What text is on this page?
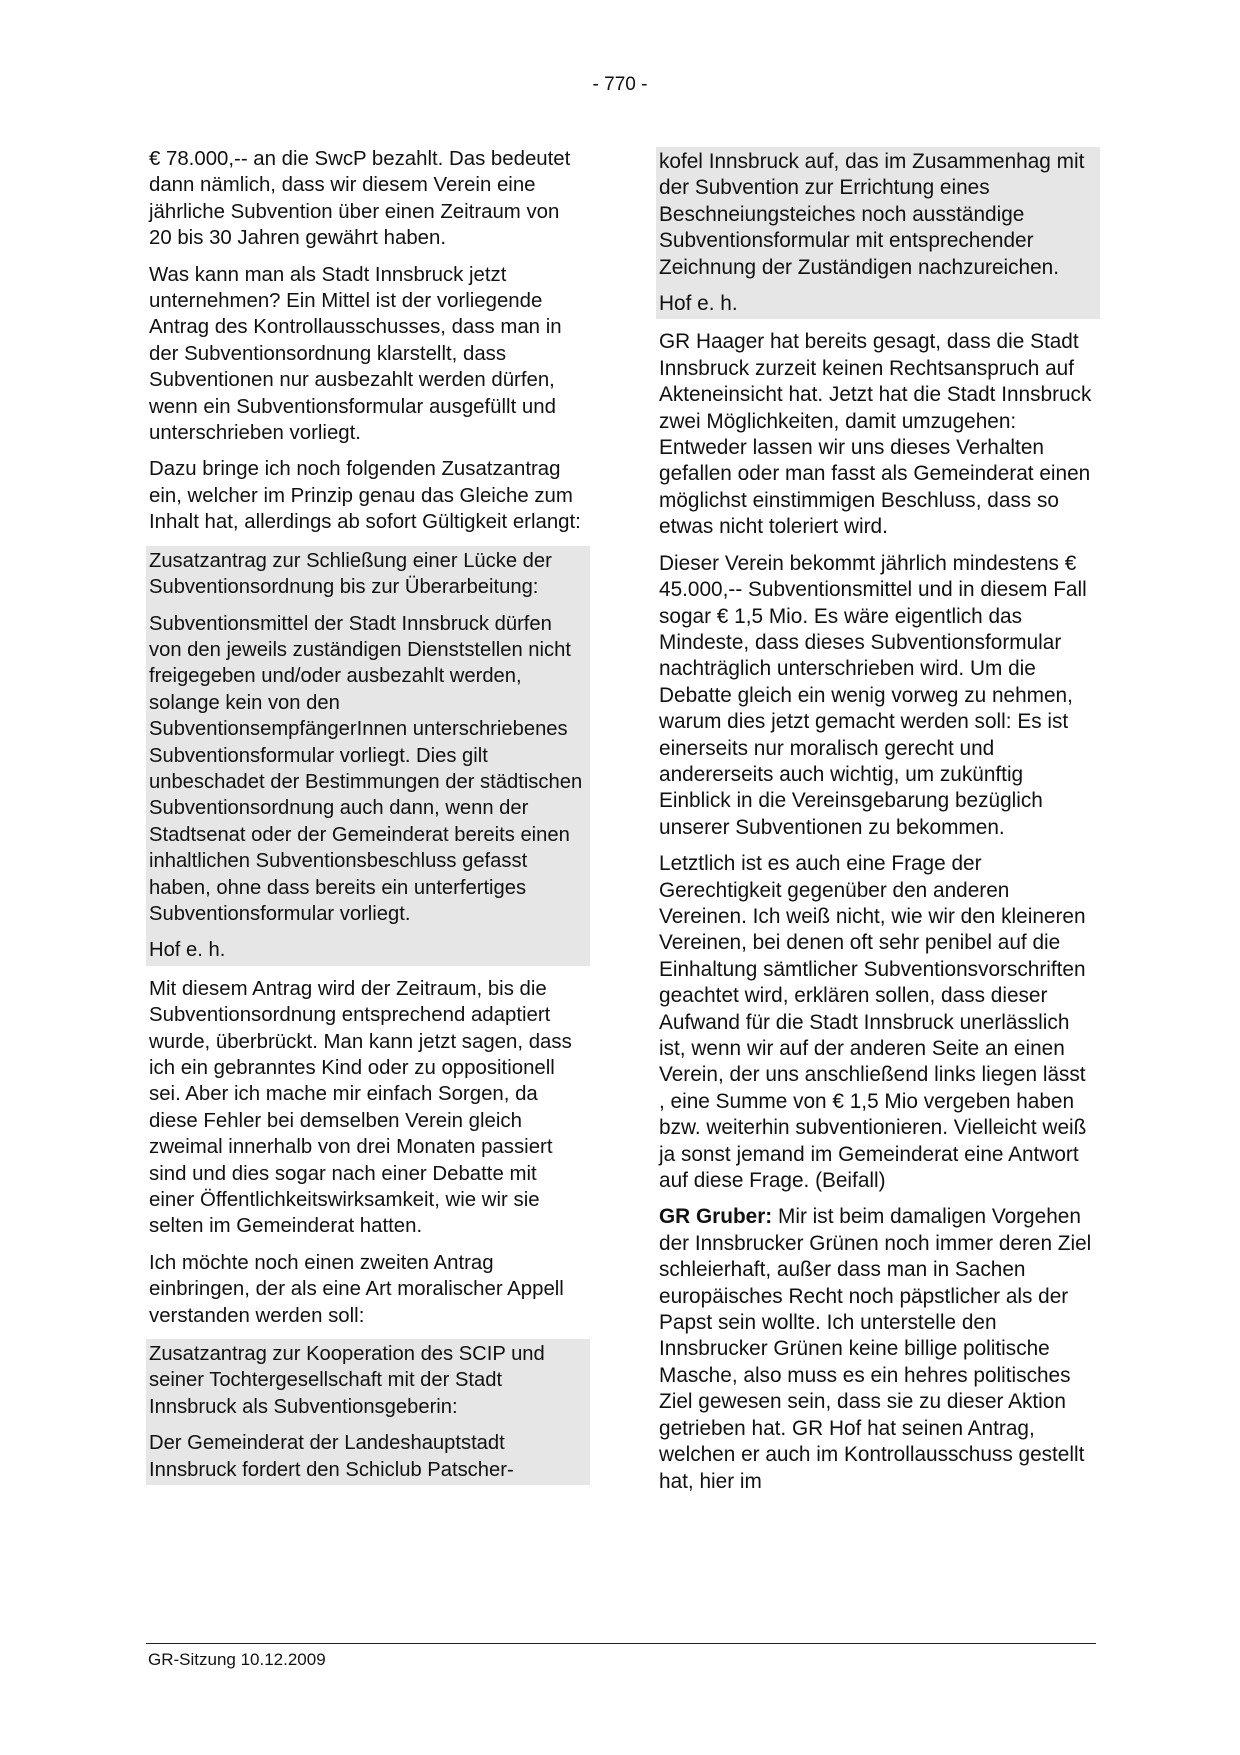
- 770 -

€ 78.000,-- an die SwcP bezahlt. Das bedeutet dann nämlich, dass wir diesem Verein eine jährliche Subvention über einen Zeitraum von 20 bis 30 Jahren gewährt haben.

Was kann man als Stadt Innsbruck jetzt unternehmen? Ein Mittel ist der vorliegende Antrag des Kontrollausschusses, dass man in der Subventionsordnung klarstellt, dass Subventionen nur ausbezahlt werden dürfen, wenn ein Subventionsformular ausgefüllt und unterschrieben vorliegt.

Dazu bringe ich noch folgenden Zusatzantrag ein, welcher im Prinzip genau das Gleiche zum Inhalt hat, allerdings ab sofort Gültigkeit erlangt:

Zusatzantrag zur Schließung einer Lücke der Subventionsordnung bis zur Überarbeitung:

Subventionsmittel der Stadt Innsbruck dürfen von den jeweils zuständigen Dienststellen nicht freigegeben und/oder ausbezahlt werden, solange kein von den SubventionsempfängerInnen unterschriebenes Subventionsformular vorliegt. Dies gilt unbeschadet der Bestimmungen der städtischen Subventionsordnung auch dann, wenn der Stadtsenat oder der Gemeinderat bereits einen inhaltlichen Subventionsbeschluss gefasst haben, ohne dass bereits ein unterfertiges Subventionsformular vorliegt.

Hof e. h.

Mit diesem Antrag wird der Zeitraum, bis die Subventionsordnung entsprechend adaptiert wurde, überbrückt. Man kann jetzt sagen, dass ich ein gebranntes Kind oder zu oppositionell sei. Aber ich mache mir einfach Sorgen, da diese Fehler bei demselben Verein gleich zweimal innerhalb von drei Monaten passiert sind und dies sogar nach einer Debatte mit einer Öffentlichkeitswirksamkeit, wie wir sie selten im Gemeinderat hatten.

Ich möchte noch einen zweiten Antrag einbringen, der als eine Art moralischer Appell verstanden werden soll:

Zusatzantrag zur Kooperation des SCIP und seiner Tochtergesellschaft mit der Stadt Innsbruck als Subventionsgeberin:

Der Gemeinderat der Landeshauptstadt Innsbruck fordert den Schiclub Patscher-

kofel Innsbruck auf, das im Zusammenhag mit der Subvention zur Errichtung eines Beschneiungsteiches noch ausständige Subventionsformular mit entsprechender Zeichnung der Zuständigen nachzureichen.

Hof e. h.

GR Haager hat bereits gesagt, dass die Stadt Innsbruck zurzeit keinen Rechtsanspruch auf Akteneinsicht hat. Jetzt hat die Stadt Innsbruck zwei Möglichkeiten, damit umzugehen: Entweder lassen wir uns dieses Verhalten gefallen oder man fasst als Gemeinderat einen möglichst einstimmigen Beschluss, dass so etwas nicht toleriert wird.

Dieser Verein bekommt jährlich mindestens € 45.000,-- Subventionsmittel und in diesem Fall sogar € 1,5 Mio. Es wäre eigentlich das Mindeste, dass dieses Subventionsformular nachträglich unterschrieben wird. Um die Debatte gleich ein wenig vorweg zu nehmen, warum dies jetzt gemacht werden soll: Es ist einerseits nur moralisch gerecht und andererseits auch wichtig, um zukünftig Einblick in die Vereinsgebarung bezüglich unserer Subventionen zu bekommen.

Letztlich ist es auch eine Frage der Gerechtigkeit gegenüber den anderen Vereinen. Ich weiß nicht, wie wir den kleineren Vereinen, bei denen oft sehr penibel auf die Einhaltung sämtlicher Subventionsvorschriften geachtet wird, erklären sollen, dass dieser Aufwand für die Stadt Innsbruck unerlässlich ist, wenn wir auf der anderen Seite an einen Verein, der uns anschließend links liegen lässt , eine Summe von € 1,5 Mio vergeben haben bzw. weiterhin subventionieren. Vielleicht weiß ja sonst jemand im Gemeinderat eine Antwort auf diese Frage. (Beifall)

GR Gruber: Mir ist beim damaligen Vorgehen der Innsbrucker Grünen noch immer deren Ziel schleierhaft, außer dass man in Sachen europäisches Recht noch päpstlicher als der Papst sein wollte. Ich unterstelle den Innsbrucker Grünen keine billige politische Masche, also muss es ein hehres politisches Ziel gewesen sein, dass sie zu dieser Aktion getrieben hat. GR Hof hat seinen Antrag, welchen er auch im Kontrollausschuss gestellt hat, hier im

GR-Sitzung 10.12.2009
